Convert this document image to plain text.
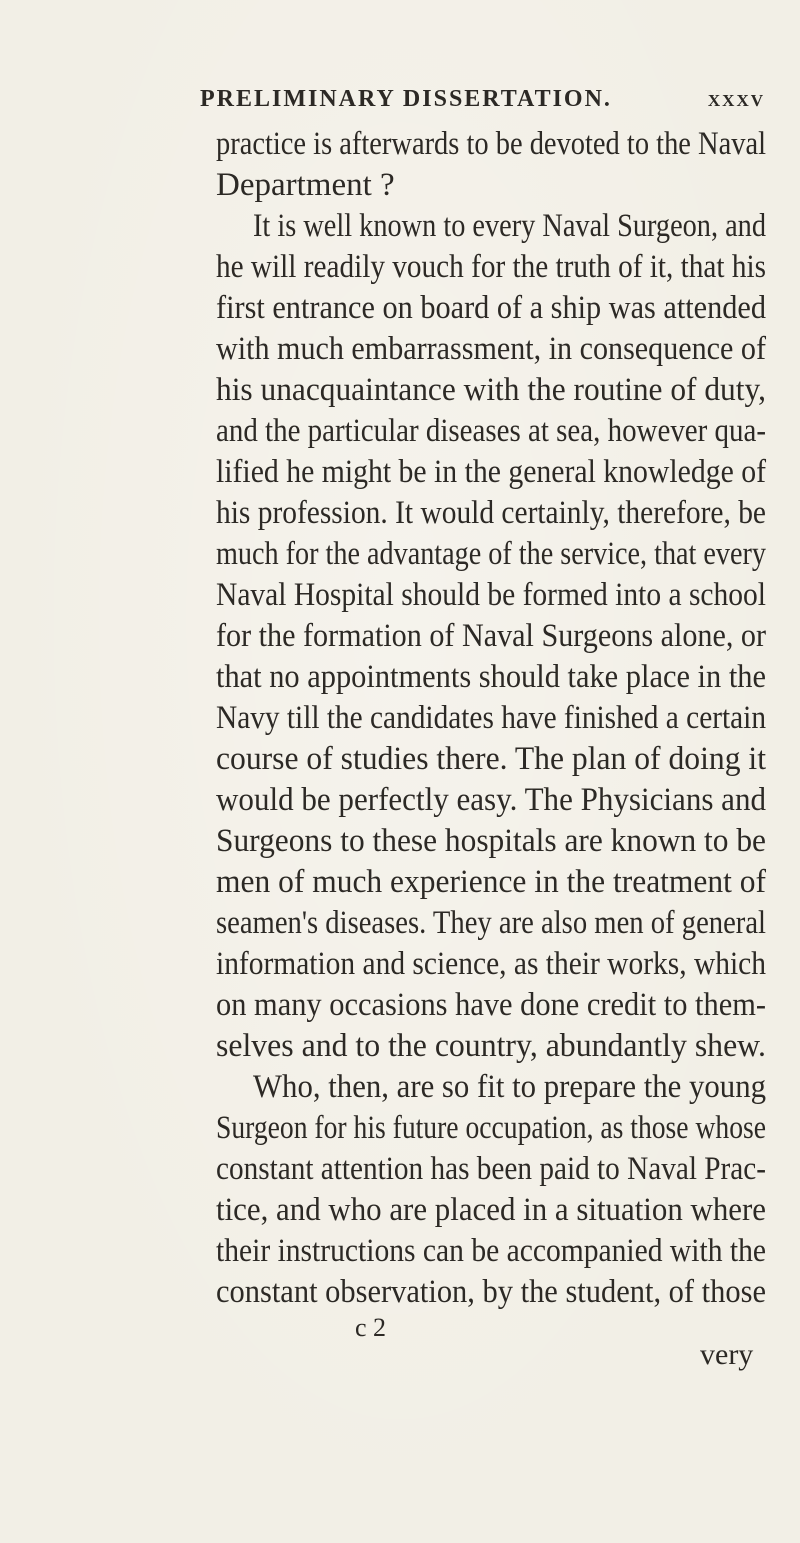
PRELIMINARY DISSERTATION.	xxxv
practice is afterwards to be devoted to the Naval
Department ?
It is well known to every Naval Surgeon, and
he will readily vouch for the truth of it, that his
first entrance on board of a ship was attended
with much embarrassment, in consequence of
his unacquaintance with the routine of duty,
and the particular diseases at sea, however qua-
lified he might be in the general knowledge of
his profession. It would certainly, therefore, be
much for the advantage of the service, that every
Naval Hospital should be formed into a school
for the formation of Naval Surgeons alone, or
that no appointments should take place in the
Navy till the candidates have finished a certain
course of studies there. The plan of doing it
would be perfectly easy. The Physicians and
Surgeons to these hospitals are known to be
men of much experience in the treatment of
seamen's diseases. They are also men of general
information and science, as their works, which
on many occasions have done credit to them-
selves and to the country, abundantly shew.
Who, then, are so fit to prepare the young
Surgeon for his future occupation, as those whose
constant attention has been paid to Naval Prac-
tice, and who are placed in a situation where
their instructions can be accompanied with the
constant observation, by the student, of those
c 2
very
